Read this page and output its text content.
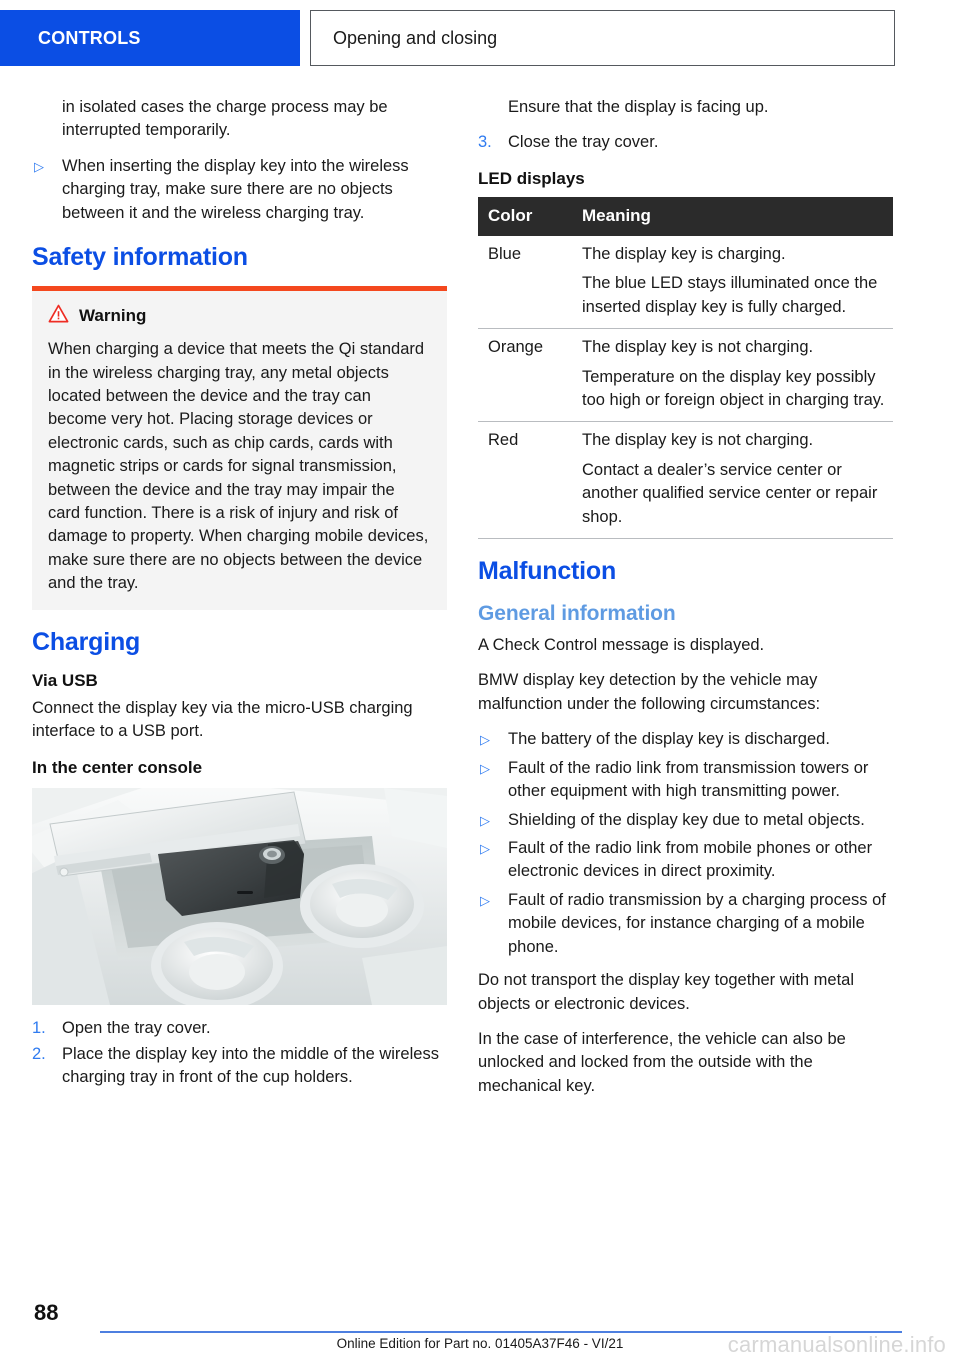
CONTROLS	Opening and closing
in isolated cases the charge process may be interrupted temporarily.
▷ When inserting the display key into the wireless charging tray, make sure there are no objects between it and the wireless charging tray.
Safety information
Warning
When charging a device that meets the Qi standard in the wireless charging tray, any metal objects located between the device and the tray can become very hot. Placing storage devices or electronic cards, such as chip cards, cards with magnetic strips or cards for signal transmission, between the device and the tray may impair the card function. There is a risk of injury and risk of damage to property. When charging mobile devices, make sure there are no objects between the device and the tray.
Charging
Via USB

Connect the display key via the micro-USB charging interface to a USB port.

In the center console
1. Open the tray cover.
2. Place the display key into the middle of the wireless charging tray in front of the cup holders.
Ensure that the display is facing up.
3. Close the tray cover.
LED displays
Color	Meaning
Blue	The display key is charging.

The blue LED stays illuminated once the inserted display key is fully charged.

Orange	The display key is not charging.

Temperature on the display key possibly too high or foreign object in charging tray.

Red	The display key is not charging.

Contact a dealer’s service center or another qualified service center or repair shop.

Malfunction
General information

A Check Control message is displayed.

BMW display key detection by the vehicle may malfunction under the following circumstances:

▷ The battery of the display key is discharged.
▷ Fault of the radio link from transmission towers or other equipment with high transmitting power.
▷ Shielding of the display key due to metal objects.
▷ Fault of the radio link from mobile phones or other electronic devices in direct proximity.
▷ Fault of radio transmission by a charging process of mobile devices, for instance charging of a mobile phone.

Do not transport the display key together with metal objects or electronic devices.

In the case of interference, the vehicle can also be unlocked and locked from the outside with the mechanical key.

88
Online Edition for Part no. 01405A37F46 - VI/21	carmanualsonline.info
